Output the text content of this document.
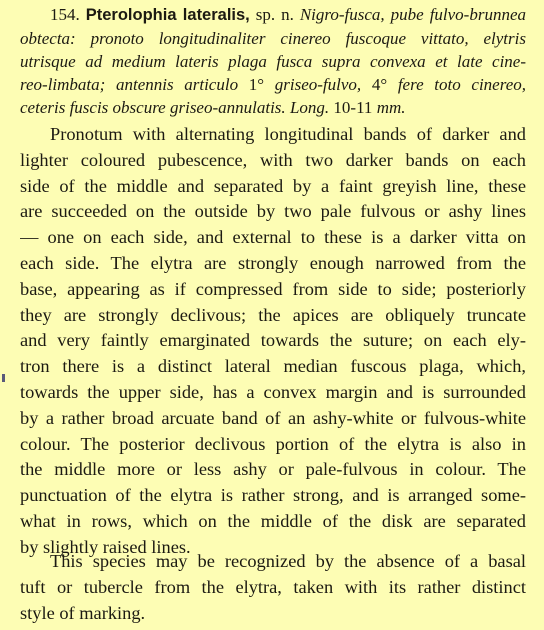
154. Pterolophia lateralis, sp. n. Nigro-fusca, pube fulvo-brunnea
obtecta: pronoto longitudinaliter cinereo fuscoque vittato, elytris
utrisque ad medium lateris plaga fusca supra convexa et late cine-
reo-limbata; antennis articulo 1° griseo-fulvo, 4° fere toto cinereo,
ceteris fuscis obscure griseo-annulatis. Long. 10-11 mm.
Pronotum with alternating longitudinal bands of darker and
lighter coloured pubescence, with two darker bands on each
side of the middle and separated by a faint greyish line, these
are succeeded on the outside by two pale fulvous or ashy lines
— one on each side, and external to these is a darker vitta on
each side. The elytra are strongly enough narrowed from the
base, appearing as if compressed from side to side; posteriorly
they are strongly declivous; the apices are obliquely truncate
and very faintly emarginated towards the suture; on each ely-
tron there is a distinct lateral median fuscous plaga, which,
towards the upper side, has a convex margin and is surrounded
by a rather broad arcuate band of an ashy-white or fulvous-white
colour. The posterior declivous portion of the elytra is also in
the middle more or less ashy or pale-fulvous in colour. The
punctuation of the elytra is rather strong, and is arranged some-
what in rows, which on the middle of the disk are separated
by slightly raised lines.
This species may be recognized by the absence of a basal
tuft or tubercle from the elytra, taken with its rather distinct
style of marking.
